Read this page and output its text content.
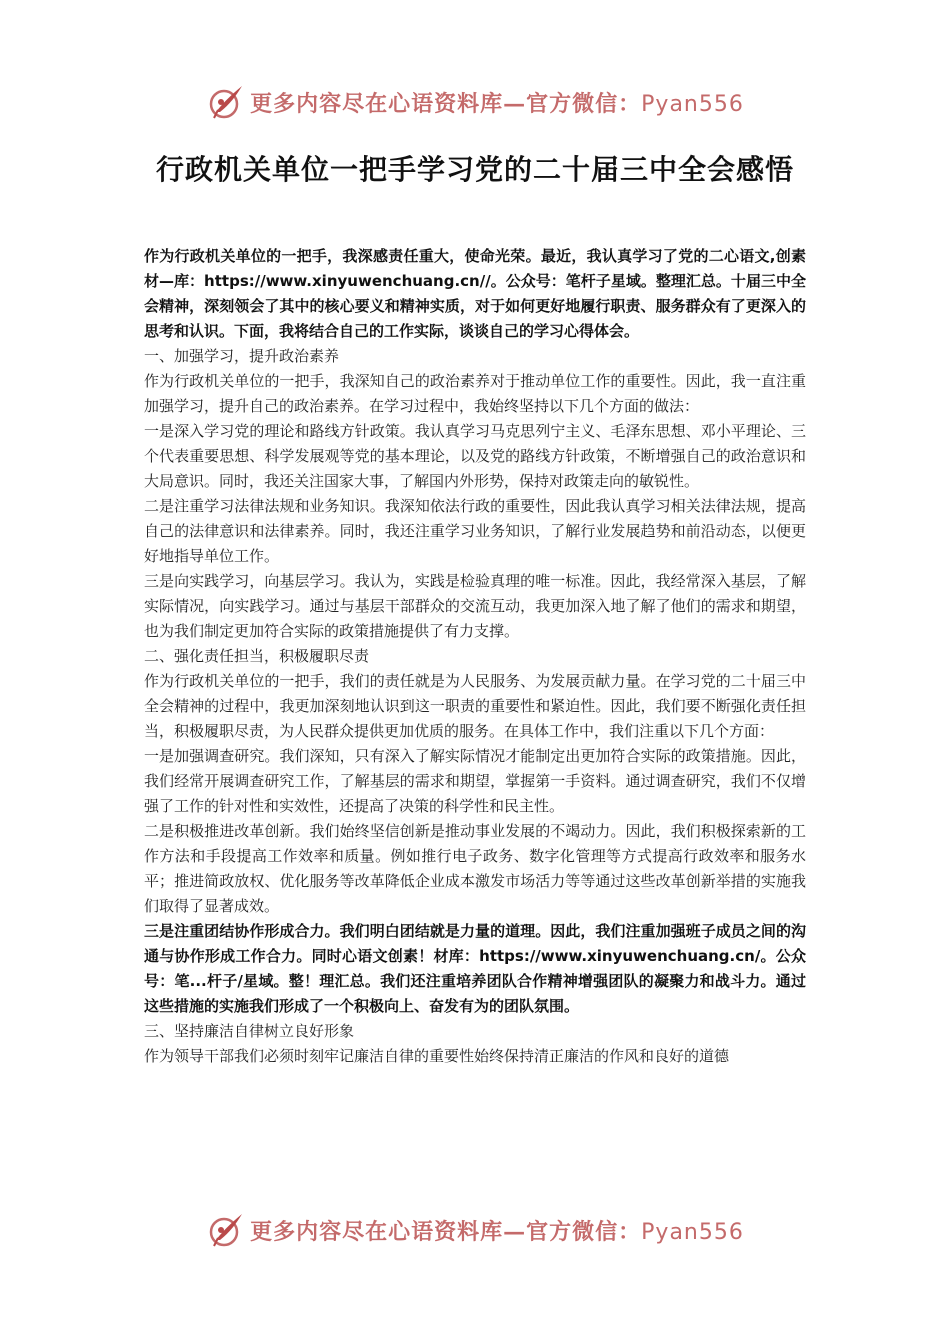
更多内容尽在心语资料库—官方微信：Pyan556
行政机关单位一把手学习党的二十届三中全会感悟

作为行政机关单位的一把手，我深感责任重大，使命光荣。最近，我认真学习了党的二心语文,创素材—库：https://www.xinyuwenchuang.cn//。公众号：笔杆子星域。整理汇总。十届三中全会精神，深刻领会了其中的核心要义和精神实质，对于如何更好地履行职责、服务群众有了更深入的思考和认识。下面，我将结合自己的工作实际，谈谈自己的学习心得体会。

一、加强学习，提升政治素养

作为行政机关单位的一把手，我深知自己的政治素养对于推动单位工作的重要性。因此，我一直注重加强学习，提升自己的政治素养。在学习过程中，我始终坚持以下几个方面的做法：

一是深入学习党的理论和路线方针政策。我认真学习马克思列宁主义、毛泽东思想、邓小平理论、三个代表重要思想、科学发展观等党的基本理论，以及党的路线方针政策，不断增强自己的政治意识和大局意识。同时，我还关注国家大事，了解国内外形势，保持对政策走向的敏锐性。

二是注重学习法律法规和业务知识。我深知依法行政的重要性，因此我认真学习相关法律法规，提高自己的法律意识和法律素养。同时，我还注重学习业务知识，了解行业发展趋势和前沿动态，以便更好地指导单位工作。

三是向实践学习，向基层学习。我认为，实践是检验真理的唯一标准。因此，我经常深入基层，了解实际情况，向实践学习。通过与基层干部群众的交流互动，我更加深入地了解了他们的需求和期望，也为我们制定更加符合实际的政策措施提供了有力支撑。

二、强化责任担当，积极履职尽责

作为行政机关单位的一把手，我们的责任就是为人民服务、为发展贡献力量。在学习党的二十届三中全会精神的过程中，我更加深刻地认识到这一职责的重要性和紧迫性。因此，我们要不断强化责任担当，积极履职尽责，为人民群众提供更加优质的服务。在具体工作中，我们注重以下几个方面：

一是加强调查研究。我们深知，只有深入了解实际情况才能制定出更加符合实际的政策措施。因此，我们经常开展调查研究工作，了解基层的需求和期望，掌握第一手资料。通过调查研究，我们不仅增强了工作的针对性和实效性，还提高了决策的科学性和民主性。

二是积极推进改革创新。我们始终坚信创新是推动事业发展的不竭动力。因此，我们积极探索新的工作方法和手段提高工作效率和质量。例如推行电子政务、数字化管理等方式提高行政效率和服务水平；推进简政放权、优化服务等改革降低企业成本激发市场活力等等通过这些改革创新举措的实施我们取得了显著成效。

三是注重团结协作形成合力。我们明白团结就是力量的道理。因此，我们注重加强班子成员之间的沟通与协作形成工作合力。同时心语文创素！材库：https://www.xinyuwenchuang.cn/。公众号：笔...杆子/星域。整！理汇总。我们还注重培养团队合作精神增强团队的凝聚力和战斗力。通过这些措施的实施我们形成了一个积极向上、奋发有为的团队氛围。

三、坚持廉洁自律树立良好形象

作为领导干部我们必须时刻牢记廉洁自律的重要性始终保持清正廉洁的作风和良好的道德

更多内容尽在心语资料库—官方微信：Pyan556
